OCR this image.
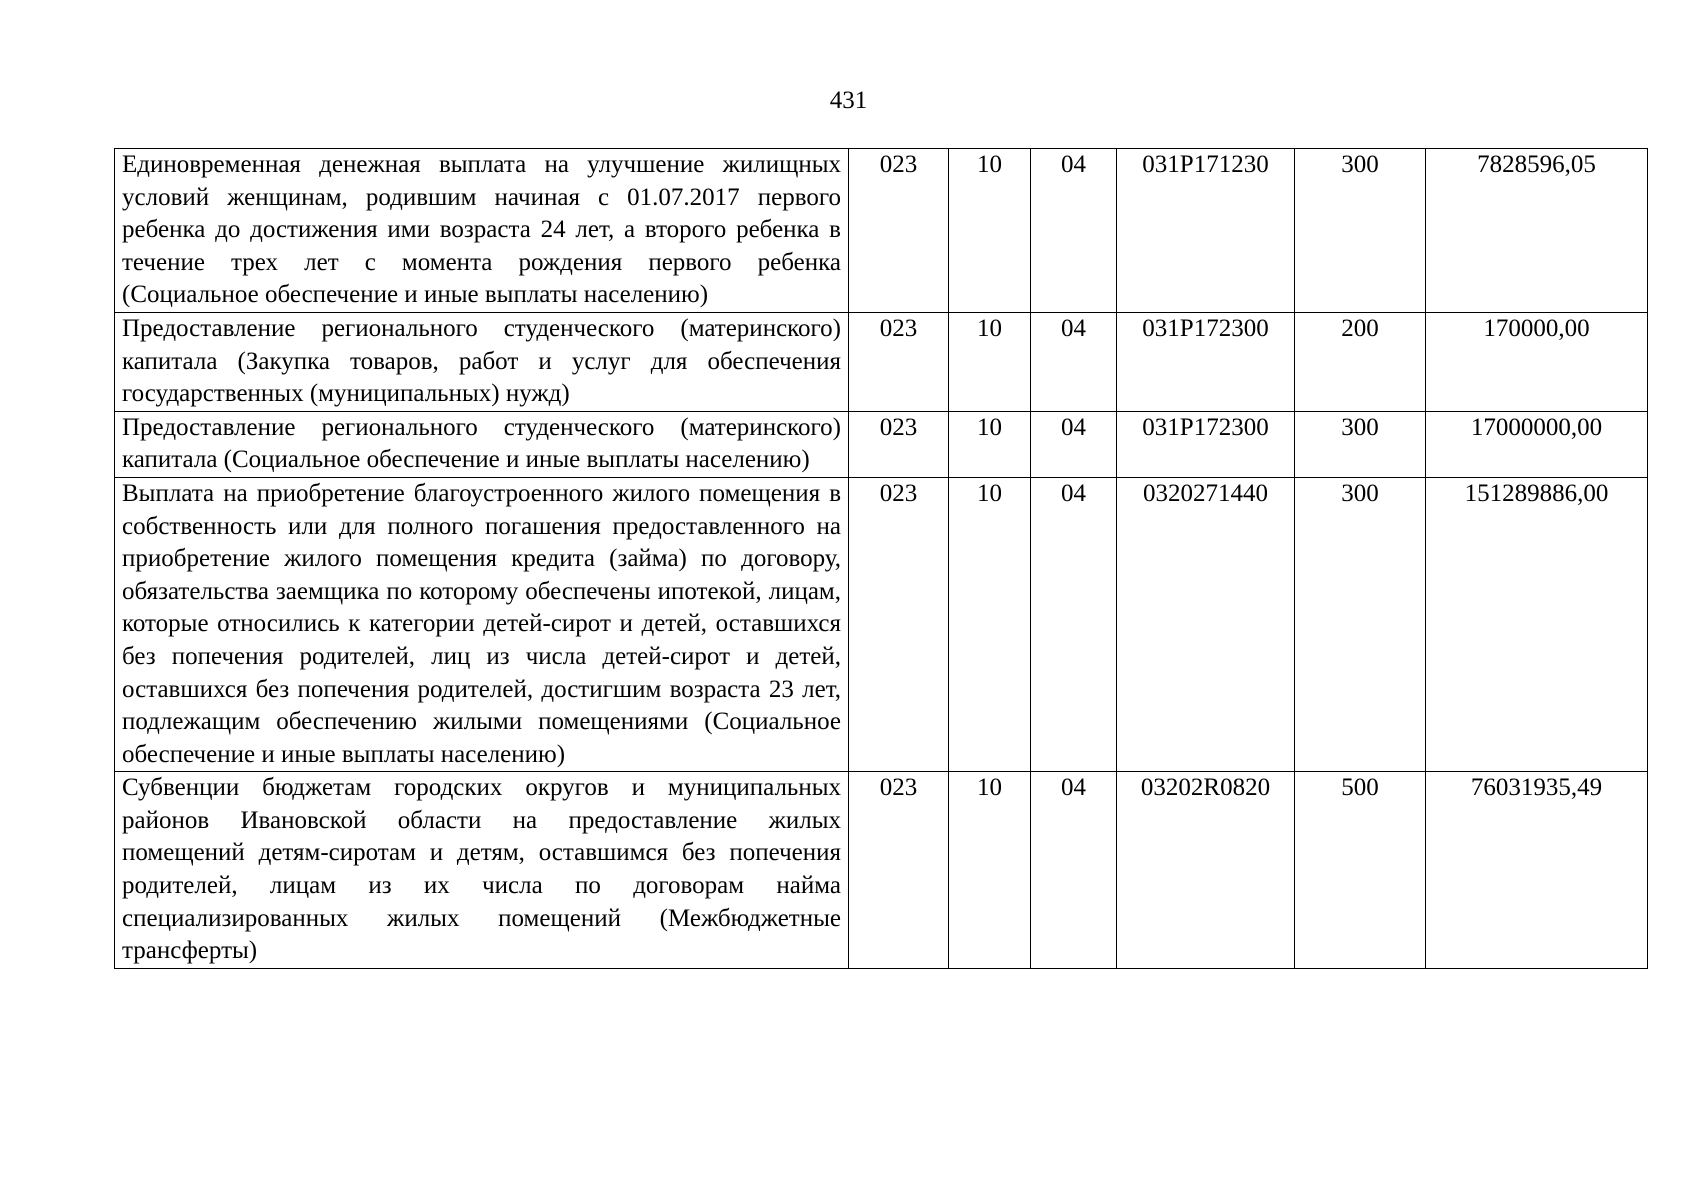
431
Единовременная денежная выплата на улучшение жилищных условий женщинам, родившим начиная с 01.07.2017 первого ребенка до достижения ими возраста 24 лет, а второго ребенка в течение трех лет с момента рождения первого ребенка (Социальное обеспечение и иные выплаты населению)	023	10	04	031P171230	300	7828596,05
Предоставление регионального студенческого (материнского) капитала (Закупка товаров, работ и услуг для обеспечения государственных (муниципальных) нужд)	023	10	04	031P172300	200	170000,00
Предоставление регионального студенческого (материнского) капитала (Социальное обеспечение и иные выплаты населению)	023	10	04	031P172300	300	17000000,00
Выплата на приобретение благоустроенного жилого помещения в собственность или для полного погашения предоставленного на приобретение жилого помещения кредита (займа) по договору, обязательства заемщика по которому обеспечены ипотекой, лицам, которые относились к категории детей-сирот и детей, оставшихся без попечения родителей, лиц из числа детей-сирот и детей, оставшихся без попечения родителей, достигшим возраста 23 лет, подлежащим обеспечению жилыми помещениями (Социальное обеспечение и иные выплаты населению)	023	10	04	0320271440	300	151289886,00
Субвенции бюджетам городских округов и муниципальных районов Ивановской области на предоставление жилых помещений детям-сиротам и детям, оставшимся без попечения родителей, лицам из их числа по договорам найма специализированных жилых помещений (Межбюджетные трансферты)	023	10	04	03202R0820	500	76031935,49
